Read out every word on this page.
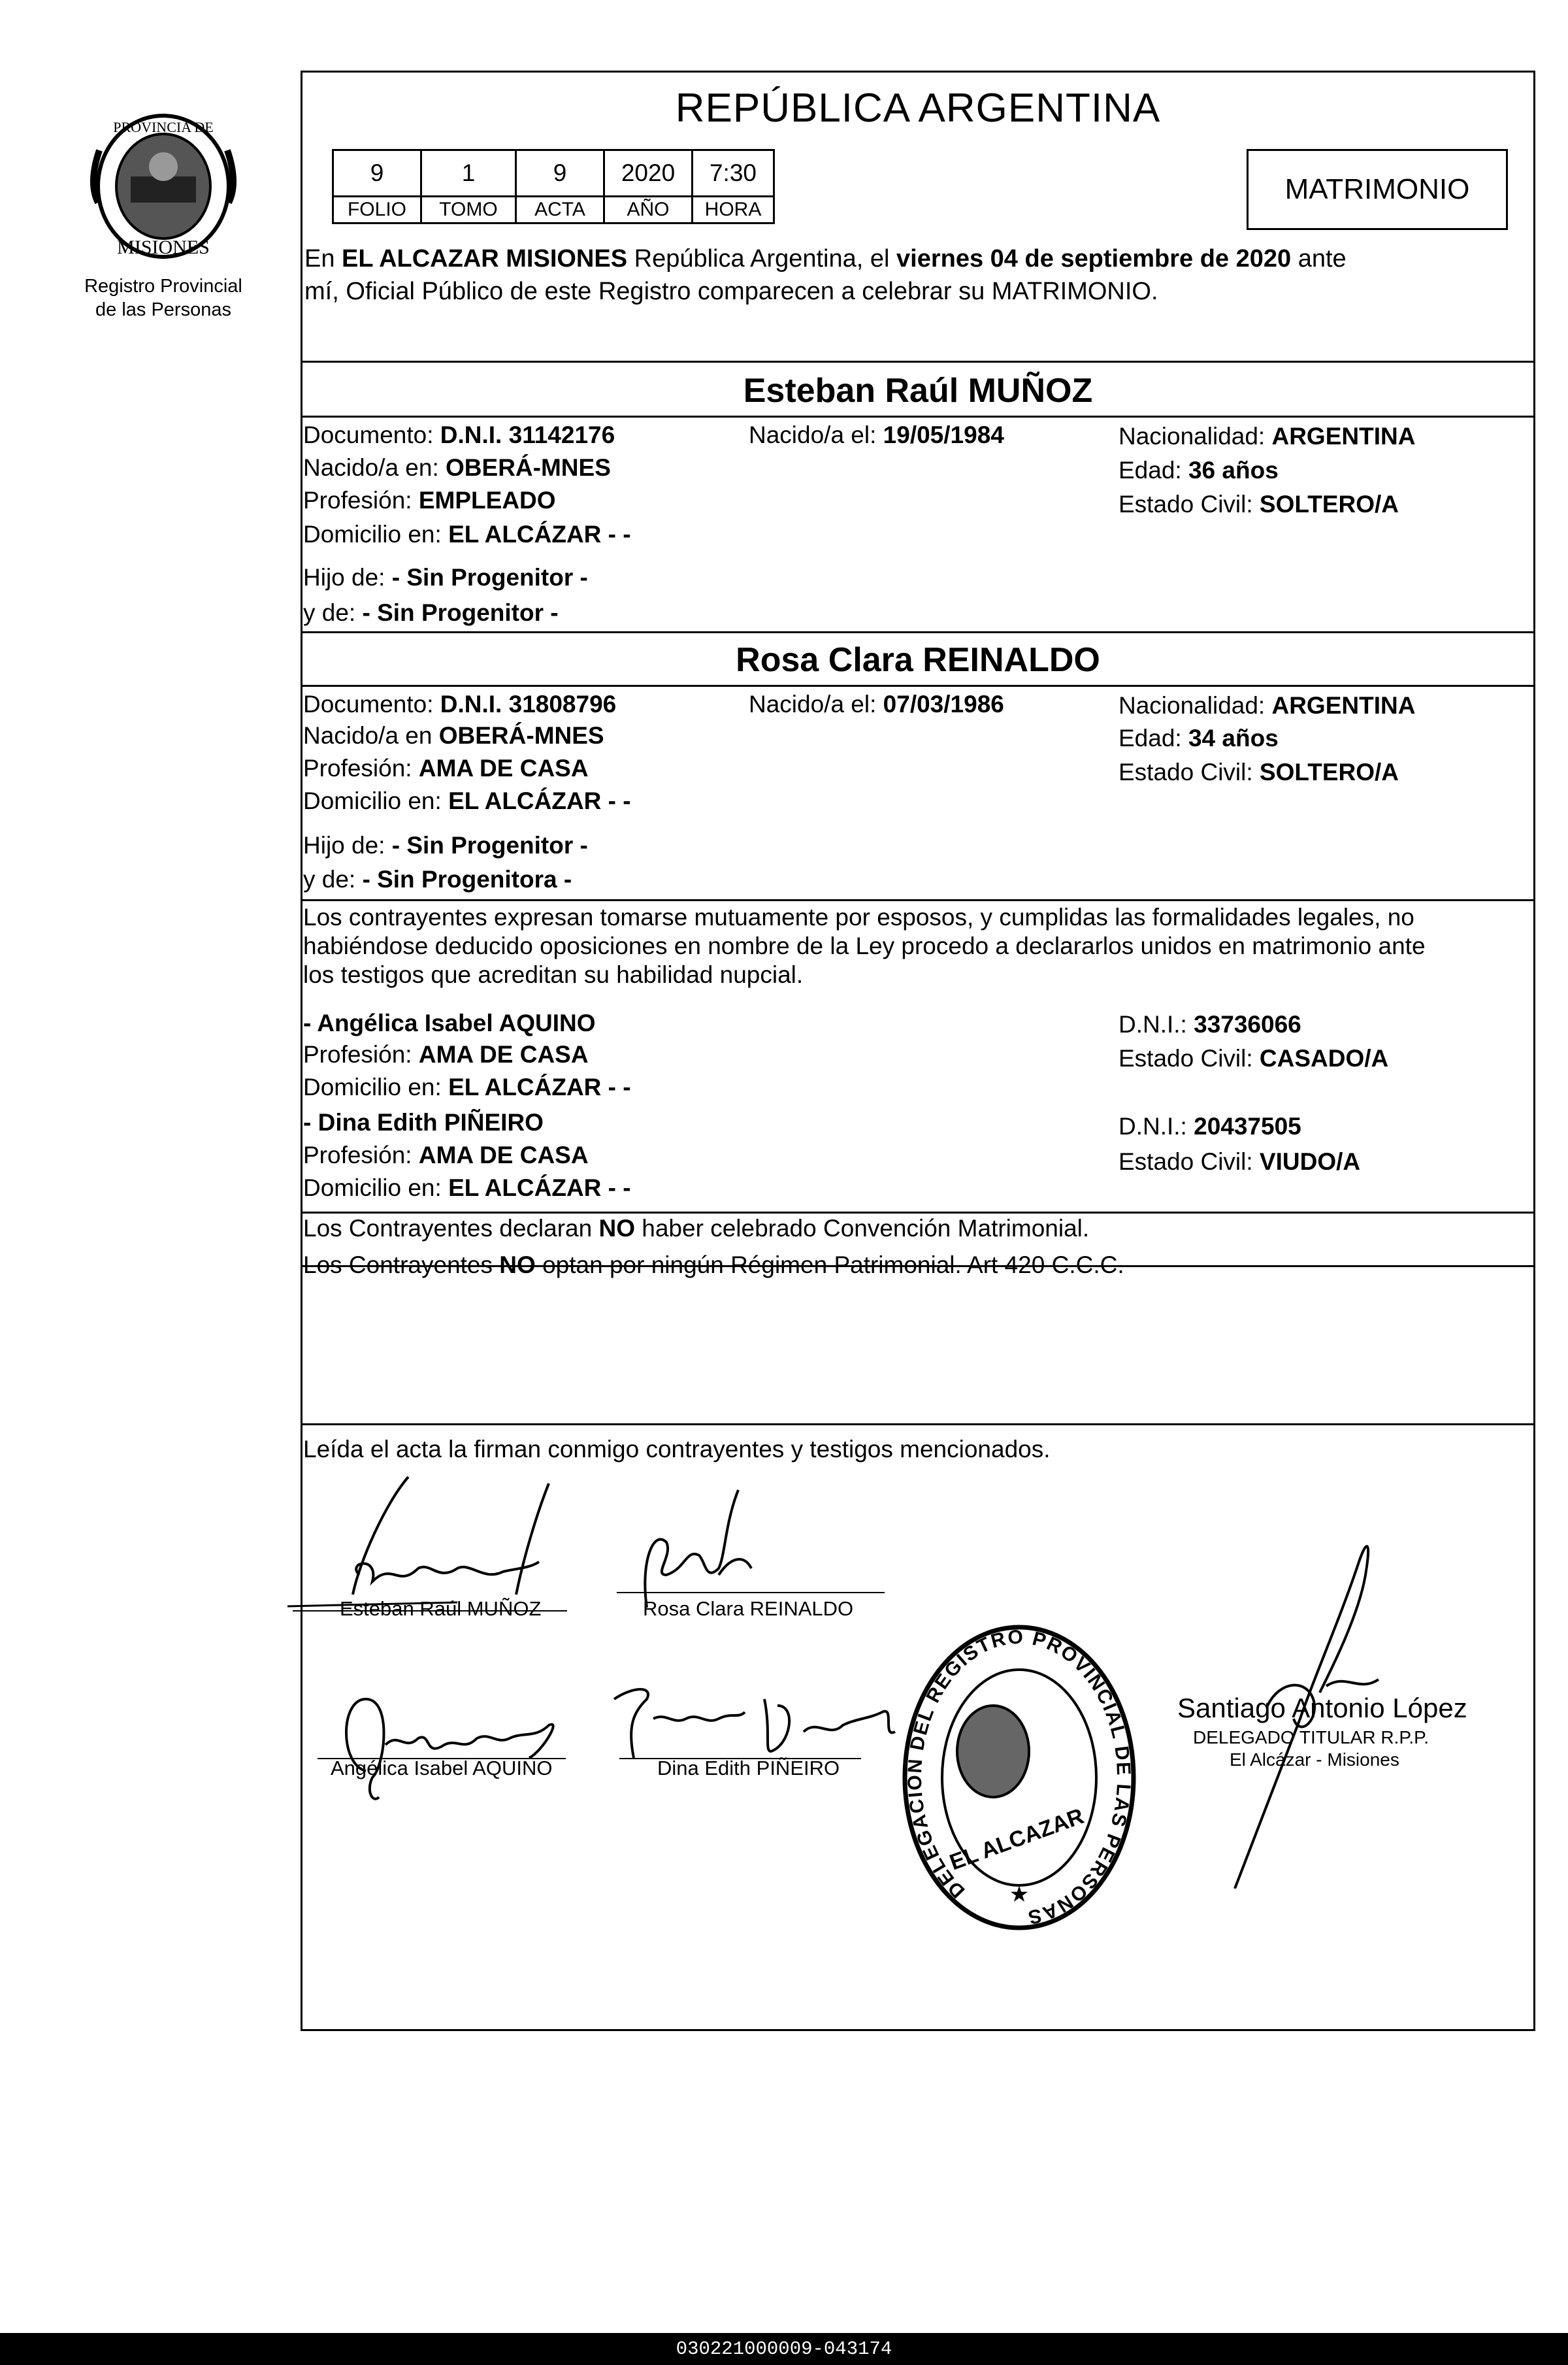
PROVINCIA DE
MISIONES
Registro Provincial
de las Personas
REPÚBLICA ARGENTINA
9	1	9	2020	7:30
FOLIO	TOMO	ACTA	AÑO	HORA
MATRIMONIO
En EL ALCAZAR MISIONES República Argentina, el viernes 04 de septiembre de 2020 ante
mí, Oficial Público de este Registro comparecen a celebrar su MATRIMONIO.
Esteban Raúl MUÑOZ
Documento: D.N.I. 31142176	Nacido/a el: 19/05/1984	Nacionalidad: ARGENTINA
Nacido/a en: OBERÁ-MNES	Edad: 36 años
Profesión: EMPLEADO	Estado Civil: SOLTERO/A
Domicilio en: EL ALCÁZAR - -
Hijo de: - Sin Progenitor -
y de: - Sin Progenitor -
Rosa Clara REINALDO
Documento: D.N.I. 31808796	Nacido/a el: 07/03/1986	Nacionalidad: ARGENTINA
Nacido/a en OBERÁ-MNES	Edad: 34 años
Profesión: AMA DE CASA	Estado Civil: SOLTERO/A
Domicilio en: EL ALCÁZAR - -
Hijo de: - Sin Progenitor -
y de: - Sin Progenitora -
Los contrayentes expresan tomarse mutuamente por esposos, y cumplidas las formalidades legales, no
habiéndose deducido oposiciones en nombre de la Ley procedo a declararlos unidos en matrimonio ante
los testigos que acreditan su habilidad nupcial.
- Angélica Isabel AQUINO	D.N.I.: 33736066
Profesión: AMA DE CASA	Estado Civil: CASADO/A
Domicilio en: EL ALCÁZAR - -
- Dina Edith PIÑEIRO	D.N.I.: 20437505
Profesión: AMA DE CASA	Estado Civil: VIUDO/A
Domicilio en: EL ALCÁZAR - -
Los Contrayentes declaran NO haber celebrado Convención Matrimonial.
Los Contrayentes NO optan por ningún Régimen Patrimonial. Art 420 C.C.C.
Leída el acta la firman conmigo contrayentes y testigos mencionados.
Esteban Raúl MUÑOZ	Rosa Clara REINALDO
Angélica Isabel AQUINO	Dina Edith PIÑEIRO
DELEGACION DEL REGISTRO PROVINCIAL DE LAS PERSONAS
EL ALCAZAR
★
Santiago Antonio López
DELEGADO TITULAR R.P.P.
El Alcázar - Misiones
030221000009-043174
